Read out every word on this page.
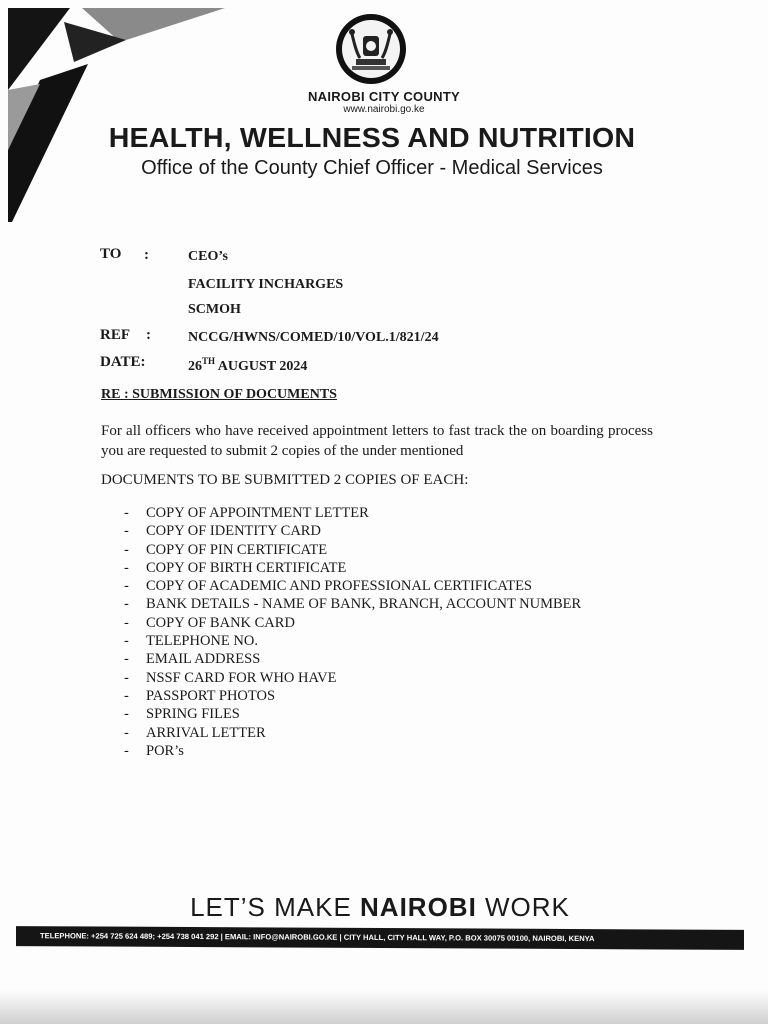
NAIROBI CITY COUNTY
www.nairobi.go.ke
HEALTH, WELLNESS AND NUTRITION
Office of the County Chief Officer - Medical Services
TO :	CEO’s
FACILITY INCHARGES
SCMOH
REF :	NCCG/HWNS/COMED/10/VOL.1/821/24
DATE:	26TH AUGUST 2024
RE : SUBMISSION OF DOCUMENTS
For all officers who have received appointment letters to fast track the on boarding process you are requested to submit 2 copies of the under mentioned
DOCUMENTS TO BE SUBMITTED 2 COPIES OF EACH:
-	COPY OF APPOINTMENT LETTER
-	COPY OF IDENTITY CARD
-	COPY OF PIN CERTIFICATE
-	COPY OF BIRTH CERTIFICATE
-	COPY OF ACADEMIC AND PROFESSIONAL CERTIFICATES
-	BANK DETAILS - NAME OF BANK, BRANCH, ACCOUNT NUMBER
-	COPY OF BANK CARD
-	TELEPHONE NO.
-	EMAIL ADDRESS
-	NSSF CARD FOR WHO HAVE
-	PASSPORT PHOTOS
-	SPRING FILES
-	ARRIVAL LETTER
-	POR’s
LET’S MAKE NAIROBI WORK
TELEPHONE: +254 725 624 489; +254 738 041 292 | EMAIL: INFO@NAIROBI.GO.KE | CITY HALL, CITY HALL WAY, P.O. BOX 30075 00100, NAIROBI, KENYA
